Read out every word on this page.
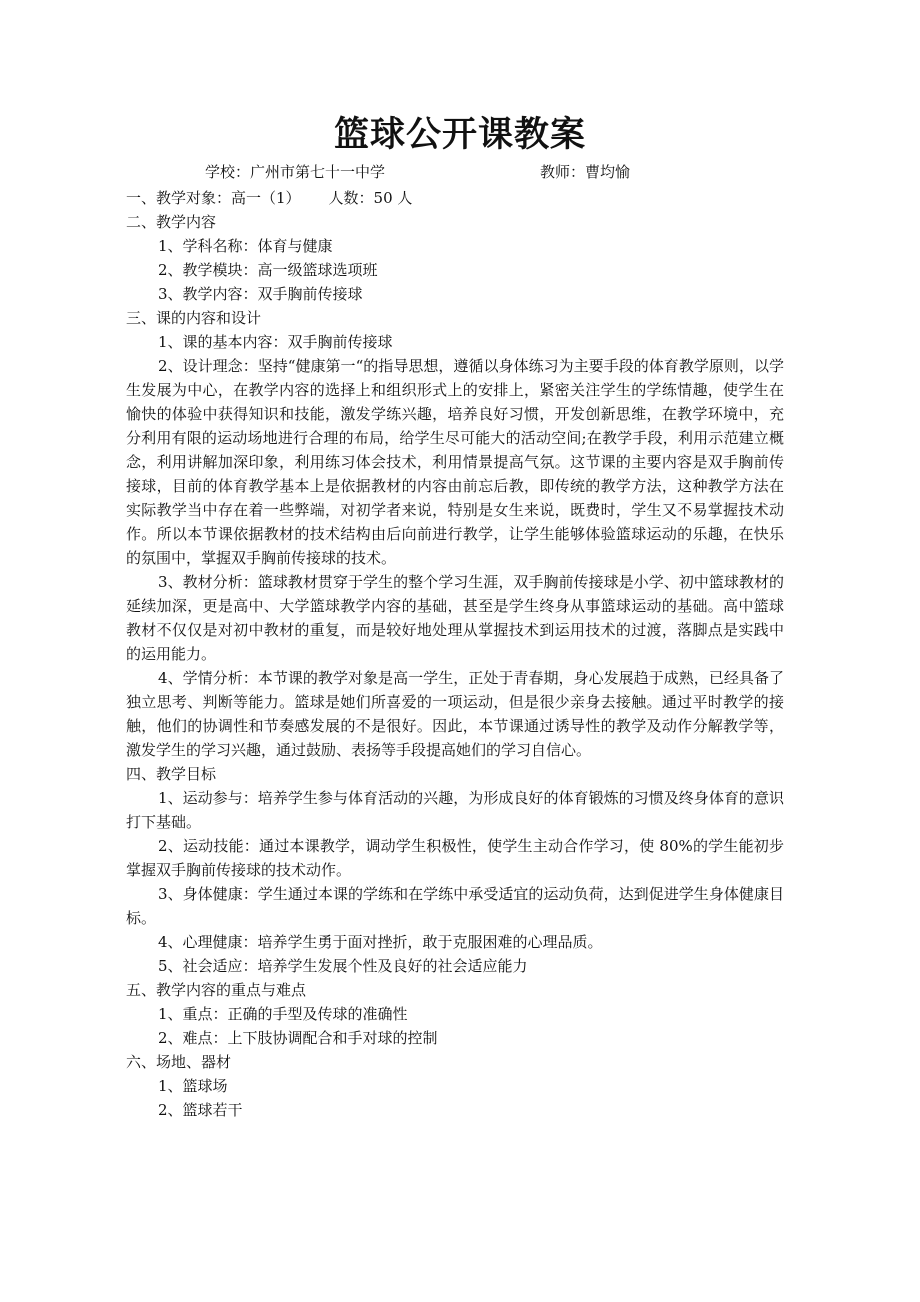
篮球公开课教案
学校：广州市第七十一中学	教师：曹均愉
一、教学对象：高一（1） 人数：50 人
二、教学内容
1、学科名称：体育与健康
2、教学模块：高一级篮球选项班
3、教学内容：双手胸前传接球
三、课的内容和设计
1、课的基本内容：双手胸前传接球

2、设计理念：坚持“健康第一“的指导思想，遵循以身体练习为主要手段的体育教学原则，以学生发展为中心，在教学内容的选择上和组织形式上的安排上，紧密关注学生的学练情趣，使学生在愉快的体验中获得知识和技能，激发学练兴趣，培养良好习惯，开发创新思维，在教学环境中，充分利用有限的运动场地进行合理的布局，给学生尽可能大的活动空间;在教学手段，利用示范建立概念，利用讲解加深印象，利用练习体会技术，利用情景提高气氛。这节课的主要内容是双手胸前传接球，目前的体育教学基本上是依据教材的内容由前忘后教，即传统的教学方法，这种教学方法在实际教学当中存在着一些弊端，对初学者来说，特别是女生来说，既费时，学生又不易掌握技术动作。所以本节课依据教材的技术结构由后向前进行教学，让学生能够体验篮球运动的乐趣，在快乐的氛围中，掌握双手胸前传接球的技术。

3、教材分析：篮球教材贯穿于学生的整个学习生涯，双手胸前传接球是小学、初中篮球教材的延续加深，更是高中、大学篮球教学内容的基础，甚至是学生终身从事篮球运动的基础。高中篮球教材不仅仅是对初中教材的重复，而是较好地处理从掌握技术到运用技术的过渡，落脚点是实践中的运用能力。

4、学情分析：本节课的教学对象是高一学生，正处于青春期，身心发展趋于成熟，已经具备了独立思考、判断等能力。篮球是她们所喜爱的一项运动，但是很少亲身去接触。通过平时教学的接触，他们的协调性和节奏感发展的不是很好。因此，本节课通过诱导性的教学及动作分解教学等，激发学生的学习兴趣，通过鼓励、表扬等手段提高她们的学习自信心。

四、教学目标

1、运动参与：培养学生参与体育活动的兴趣，为形成良好的体育锻炼的习惯及终身体育的意识打下基础。

2、运动技能：通过本课教学，调动学生积极性，使学生主动合作学习，使 80%的学生能初步掌握双手胸前传接球的技术动作。

3、身体健康：学生通过本课的学练和在学练中承受适宜的运动负荷，达到促进学生身体健康目标。

4、心理健康：培养学生勇于面对挫折，敢于克服困难的心理品质。
5、社会适应：培养学生发展个性及良好的社会适应能力
五、教学内容的重点与难点
1、重点：正确的手型及传球的准确性
2、难点：上下肢协调配合和手对球的控制
六、场地、器材
1、篮球场
2、篮球若干
